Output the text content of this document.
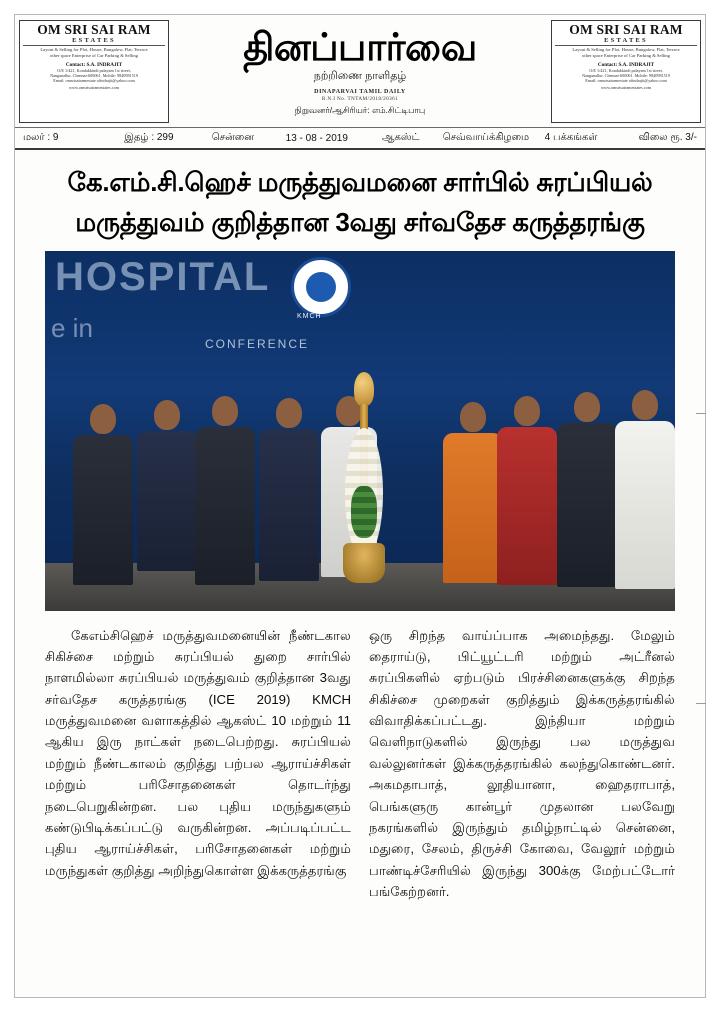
OM SRI SAI RAM
ESTATES
Layout & Selling for Plot, House, Bungalow, Flat, Terrace
other space Enterprise of Car Parking & Selling
Contact: S.A. INDRAJIT
O/E 1/421, Kondakkindi palayam 1st street,
Nanganallur, Chennai-600061. Mobile: 9840981519
Email: omsrisairamestate ofindrajit@yahoo.com
www.omsrisairamestates.com
தினப்பார்வை
நற்றிணை நாளிதழ்
DINAPARVAI TAMIL DAILY
R.N.I No. TNTAM/2018/20361
நிறுவனர்/ஆசிரியர்: எம்.சிட்டிபாபு
OM SRI SAI RAM
ESTATES
Layout & Selling for Plot, House, Bungalow, Flat, Terrace
other space Enterprise of Car Parking & Selling
Contact: S.A. INDRAJIT
O/E 1/421, Kondakkindi palayam 1st street,
Nanganallur, Chennai-600061. Mobile: 9840981519
Email: omsrisairamestate ofindrajit@yahoo.com
www.omsrisairamestates.com
மலர் : 9	இதழ் : 299	சென்னை	13 - 08 - 2019	ஆகஸ்ட்	செவ்வாய்க்கிழமை	4 பக்கங்கள்	விலை ரூ. 3/-
கே.எம்.சி.ஹெச் மருத்துவமனை சார்பில் சுரப்பியல்
மருத்துவம் குறித்தான 3வது சர்வதேச கருத்தரங்கு
HOSPITAL
e in	KMCH
CONFERENCE

கேஎம்சிஹெச் மருத்துவமனையின் நீண்டகால சிகிச்சை மற்றும் சுரப்பியல் துறை சார்பில் நாளமில்லா சுரப்பியல் மருத்துவம் குறித்தான 3வது சர்வதேச கருத்தரங்கு (ICE 2019) KMCH மருத்துவமனை வளாகத்தில் ஆகஸ்ட் 10 மற்றும் 11 ஆகிய இரு நாட்கள் நடைபெற்றது. சுரப்பியல் மற்றும் நீண்டகாலம் குறித்து பற்பல ஆராய்ச்சிகள் மற்றும் பரிசோதனைகள் தொடர்ந்து நடைபெறுகின்றன. பல புதிய மருந்துகளும் கண்டுபிடிக்கப்பட்டு வருகின்றன. அப்படிப்பட்ட புதிய ஆராய்ச்சிகள், பரிசோதனைகள் மற்றும் மருந்துகள் குறித்து அறிந்துகொள்ள இக்கருத்தரங்கு

ஒரு சிறந்த வாய்ப்பாக அமைந்தது. மேலும் தைராய்டு, பிட்யூட்டரி மற்றும் அட்ரீனல் சுரப்பிகளில் ஏற்படும் பிரச்சினைகளுக்கு சிறந்த சிகிச்சை முறைகள் குறித்தும் இக்கருத்தரங்கில் விவாதிக்கப்பட்டது. இந்தியா மற்றும் வெளிநாடுகளில் இருந்து பல மருத்துவ வல்லுனர்கள் இக்கருத்தரங்கில் கலந்துகொண்டனர். அகமதாபாத், லூதியானா, ஹைதராபாத், பெங்களுரு கான்பூர் முதலான பலவேறு நகரங்களில் இருந்தும் தமிழ்நாட்டில் சென்னை, மதுரை, சேலம், திருச்சி கோவை, வேலூர் மற்றும் பாண்டிச்சேரியில் இருந்து 300க்கு மேற்பட்டோர் பங்கேற்றனர்.
